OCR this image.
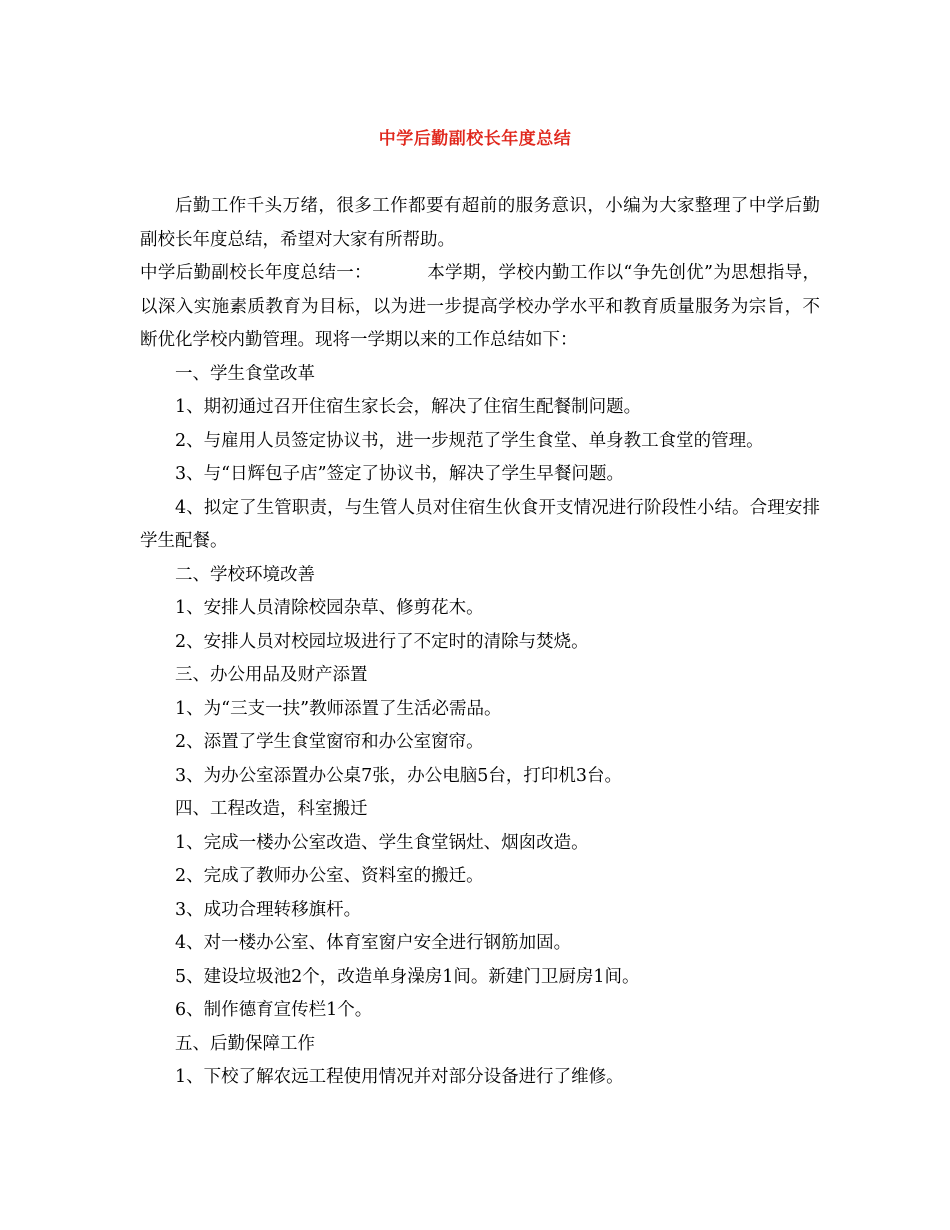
中学后勤副校长年度总结

后勤工作千头万绪，很多工作都要有超前的服务意识，小编为大家整理了中学后勤副校长年度总结，希望对大家有所帮助。

中学后勤副校长年度总结一：	本学期，学校内勤工作以“争先创优”为思想指导，以深入实施素质教育为目标，以为进一步提高学校办学水平和教育质量服务为宗旨，不断优化学校内勤管理。现将一学期以来的工作总结如下：

一、学生食堂改革

1、期初通过召开住宿生家长会，解决了住宿生配餐制问题。

2、与雇用人员签定协议书，进一步规范了学生食堂、单身教工食堂的管理。

3、与“日辉包子店”签定了协议书，解决了学生早餐问题。

4、拟定了生管职责，与生管人员对住宿生伙食开支情况进行阶段性小结。合理安排学生配餐。

二、学校环境改善

1、安排人员清除校园杂草、修剪花木。

2、安排人员对校园垃圾进行了不定时的清除与焚烧。

三、办公用品及财产添置

1、为“三支一扶”教师添置了生活必需品。

2、添置了学生食堂窗帘和办公室窗帘。

3、为办公室添置办公桌7张，办公电脑5台，打印机3台。

四、工程改造，科室搬迁

1、完成一楼办公室改造、学生食堂锅灶、烟囱改造。

2、完成了教师办公室、资料室的搬迁。

3、成功合理转移旗杆。

4、对一楼办公室、体育室窗户安全进行钢筋加固。

5、建设垃圾池2个，改造单身澡房1间。新建门卫厨房1间。

6、制作德育宣传栏1个。

五、后勤保障工作

1、下校了解农远工程使用情况并对部分设备进行了维修。
